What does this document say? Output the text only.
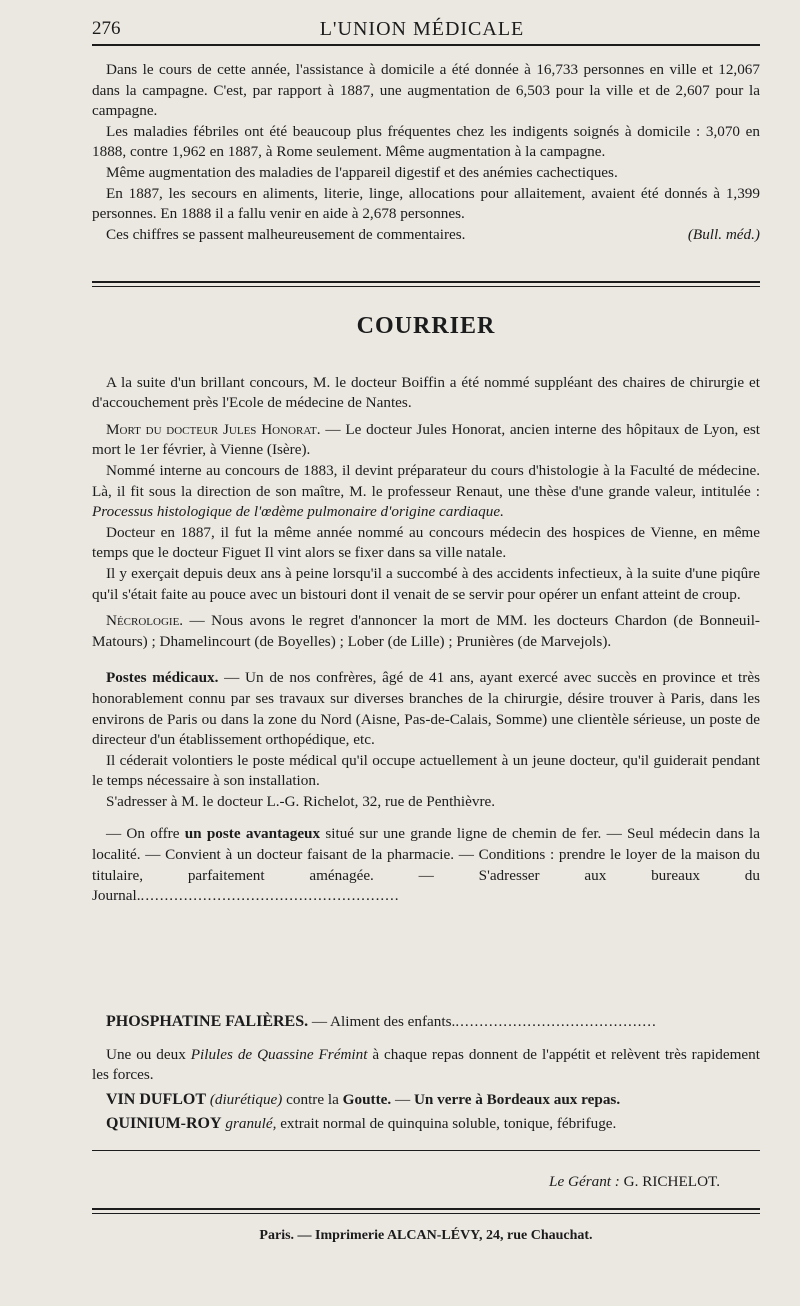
276	L'UNION MÉDICALE

Dans le cours de cette année, l'assistance à domicile a été donnée à 16,733 personnes en ville et 12,067 dans la campagne. C'est, par rapport à 1887, une augmentation de 6,503 pour la ville et de 2,607 pour la campagne.

Les maladies fébriles ont été beaucoup plus fréquentes chez les indigents soignés à domicile : 3,070 en 1888, contre 1,962 en 1887, à Rome seulement. Même augmentation à la campagne.

Même augmentation des maladies de l'appareil digestif et des anémies cachectiques.

En 1887, les secours en aliments, literie, linge, allocations pour allaitement, avaient été donnés à 1,399 personnes. En 1888 il a fallu venir en aide à 2,678 personnes.

Ces chiffres se passent malheureusement de commentaires.	(Bull. méd.)

COURRIER

A la suite d'un brillant concours, M. le docteur Boiffin a été nommé suppléant des chaires de chirurgie et d'accouchement près l'Ecole de médecine de Nantes.

Mort du docteur Jules Honorat. — Le docteur Jules Honorat, ancien interne des hôpitaux de Lyon, est mort le 1er février, à Vienne (Isère).

Nommé interne au concours de 1883, il devint préparateur du cours d'histologie à la Faculté de médecine. Là, il fit sous la direction de son maître, M. le professeur Renaut, une thèse d'une grande valeur, intitulée : Processus histologique de l'œdème pulmonaire d'origine cardiaque.

Docteur en 1887, il fut la même année nommé au concours médecin des hospices de Vienne, en même temps que le docteur Figuet Il vint alors se fixer dans sa ville natale.

Il y exerçait depuis deux ans à peine lorsqu'il a succombé à des accidents infectieux, à la suite d'une piqûre qu'il s'était faite au pouce avec un bistouri dont il venait de se servir pour opérer un enfant atteint de croup.

Nécrologie. — Nous avons le regret d'annoncer la mort de MM. les docteurs Chardon (de Bonneuil-Matours) ; Dhamelincourt (de Boyelles) ; Lober (de Lille) ; Prunières (de Marvejols).

Postes médicaux. — Un de nos confrères, âgé de 41 ans, ayant exercé avec succès en province et très honorablement connu par ses travaux sur diverses branches de la chirurgie, désire trouver à Paris, dans les environs de Paris ou dans la zone du Nord (Aisne, Pas-de-Calais, Somme) une clientèle sérieuse, un poste de directeur d'un établissement orthopédique, etc.

Il céderait volontiers le poste médical qu'il occupe actuellement à un jeune docteur, qu'il guiderait pendant le temps nécessaire à son installation.

S'adresser à M. le docteur L.-G. Richelot, 32, rue de Penthièvre.

— On offre un poste avantageux situé sur une grande ligne de chemin de fer. — Seul médecin dans la localité. — Convient à un docteur faisant de la pharmacie. — Conditions : prendre le loyer de la maison du titulaire, parfaitement aménagée. — S'adresser aux bureaux du Journal.......................................................

PHOSPHATINE FALIÈRES. — Aliment des enfants...........................................

Une ou deux Pilules de Quassine Frémint à chaque repas donnent de l'appétit et relèvent très rapidement les forces.

VIN DUFLOT (diurétique) contre la Goutte. — Un verre à Bordeaux aux repas.

QUINIUM-ROY granulé, extrait normal de quinquina soluble, tonique, fébrifuge.

Le Gérant : G. RICHELOT.
Paris. — Imprimerie ALCAN-LÉVY, 24, rue Chauchat.
